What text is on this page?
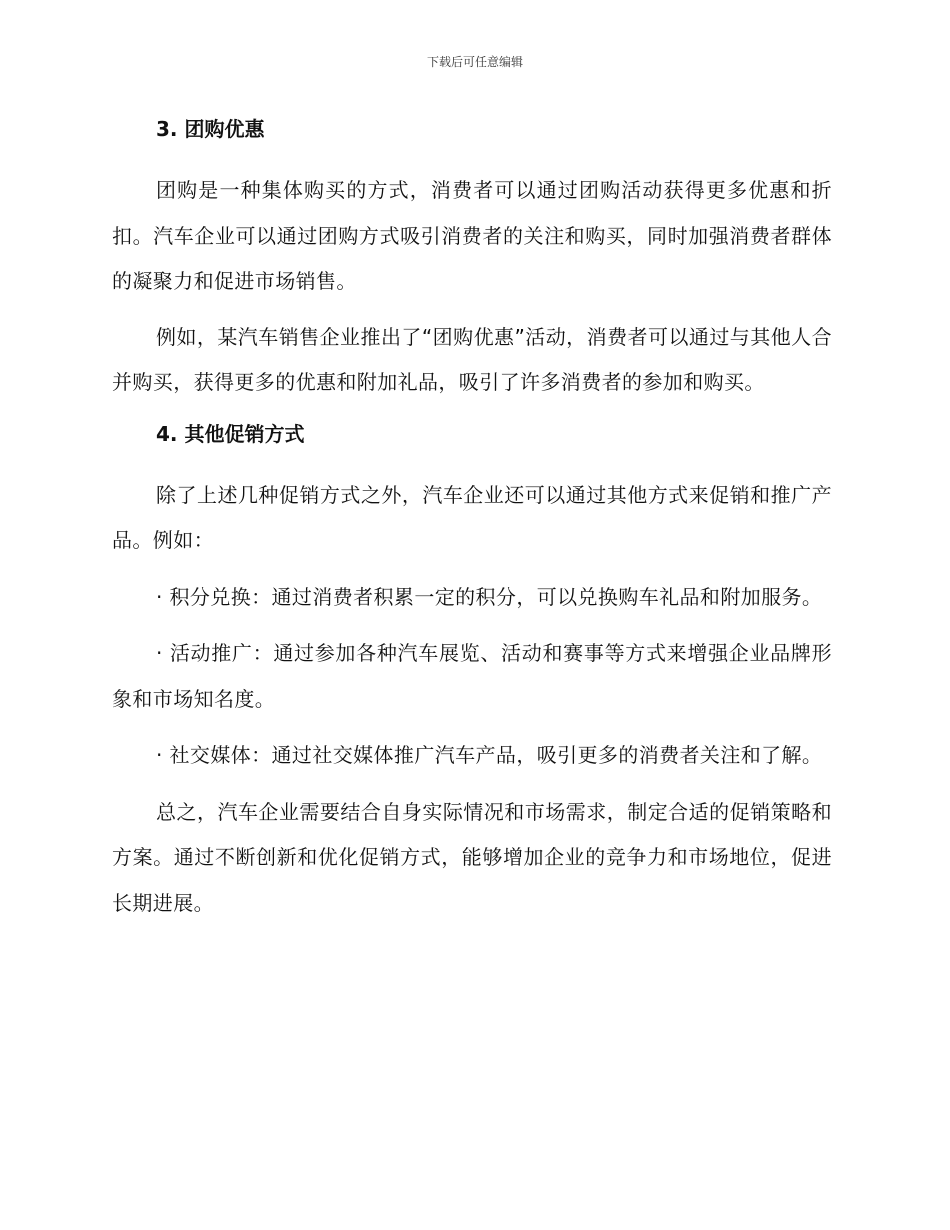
下载后可任意编辑

3. 团购优惠

团购是一种集体购买的方式，消费者可以通过团购活动获得更多优惠和折扣。汽车企业可以通过团购方式吸引消费者的关注和购买，同时加强消费者群体的凝聚力和促进市场销售。

例如，某汽车销售企业推出了“团购优惠”活动，消费者可以通过与其他人合并购买，获得更多的优惠和附加礼品，吸引了许多消费者的参加和购买。

4. 其他促销方式

除了上述几种促销方式之外，汽车企业还可以通过其他方式来促销和推广产品。例如：

· 积分兑换：通过消费者积累一定的积分，可以兑换购车礼品和附加服务。

· 活动推广：通过参加各种汽车展览、活动和赛事等方式来增强企业品牌形象和市场知名度。

· 社交媒体：通过社交媒体推广汽车产品，吸引更多的消费者关注和了解。

总之，汽车企业需要结合自身实际情况和市场需求，制定合适的促销策略和方案。通过不断创新和优化促销方式，能够增加企业的竞争力和市场地位，促进长期进展。
